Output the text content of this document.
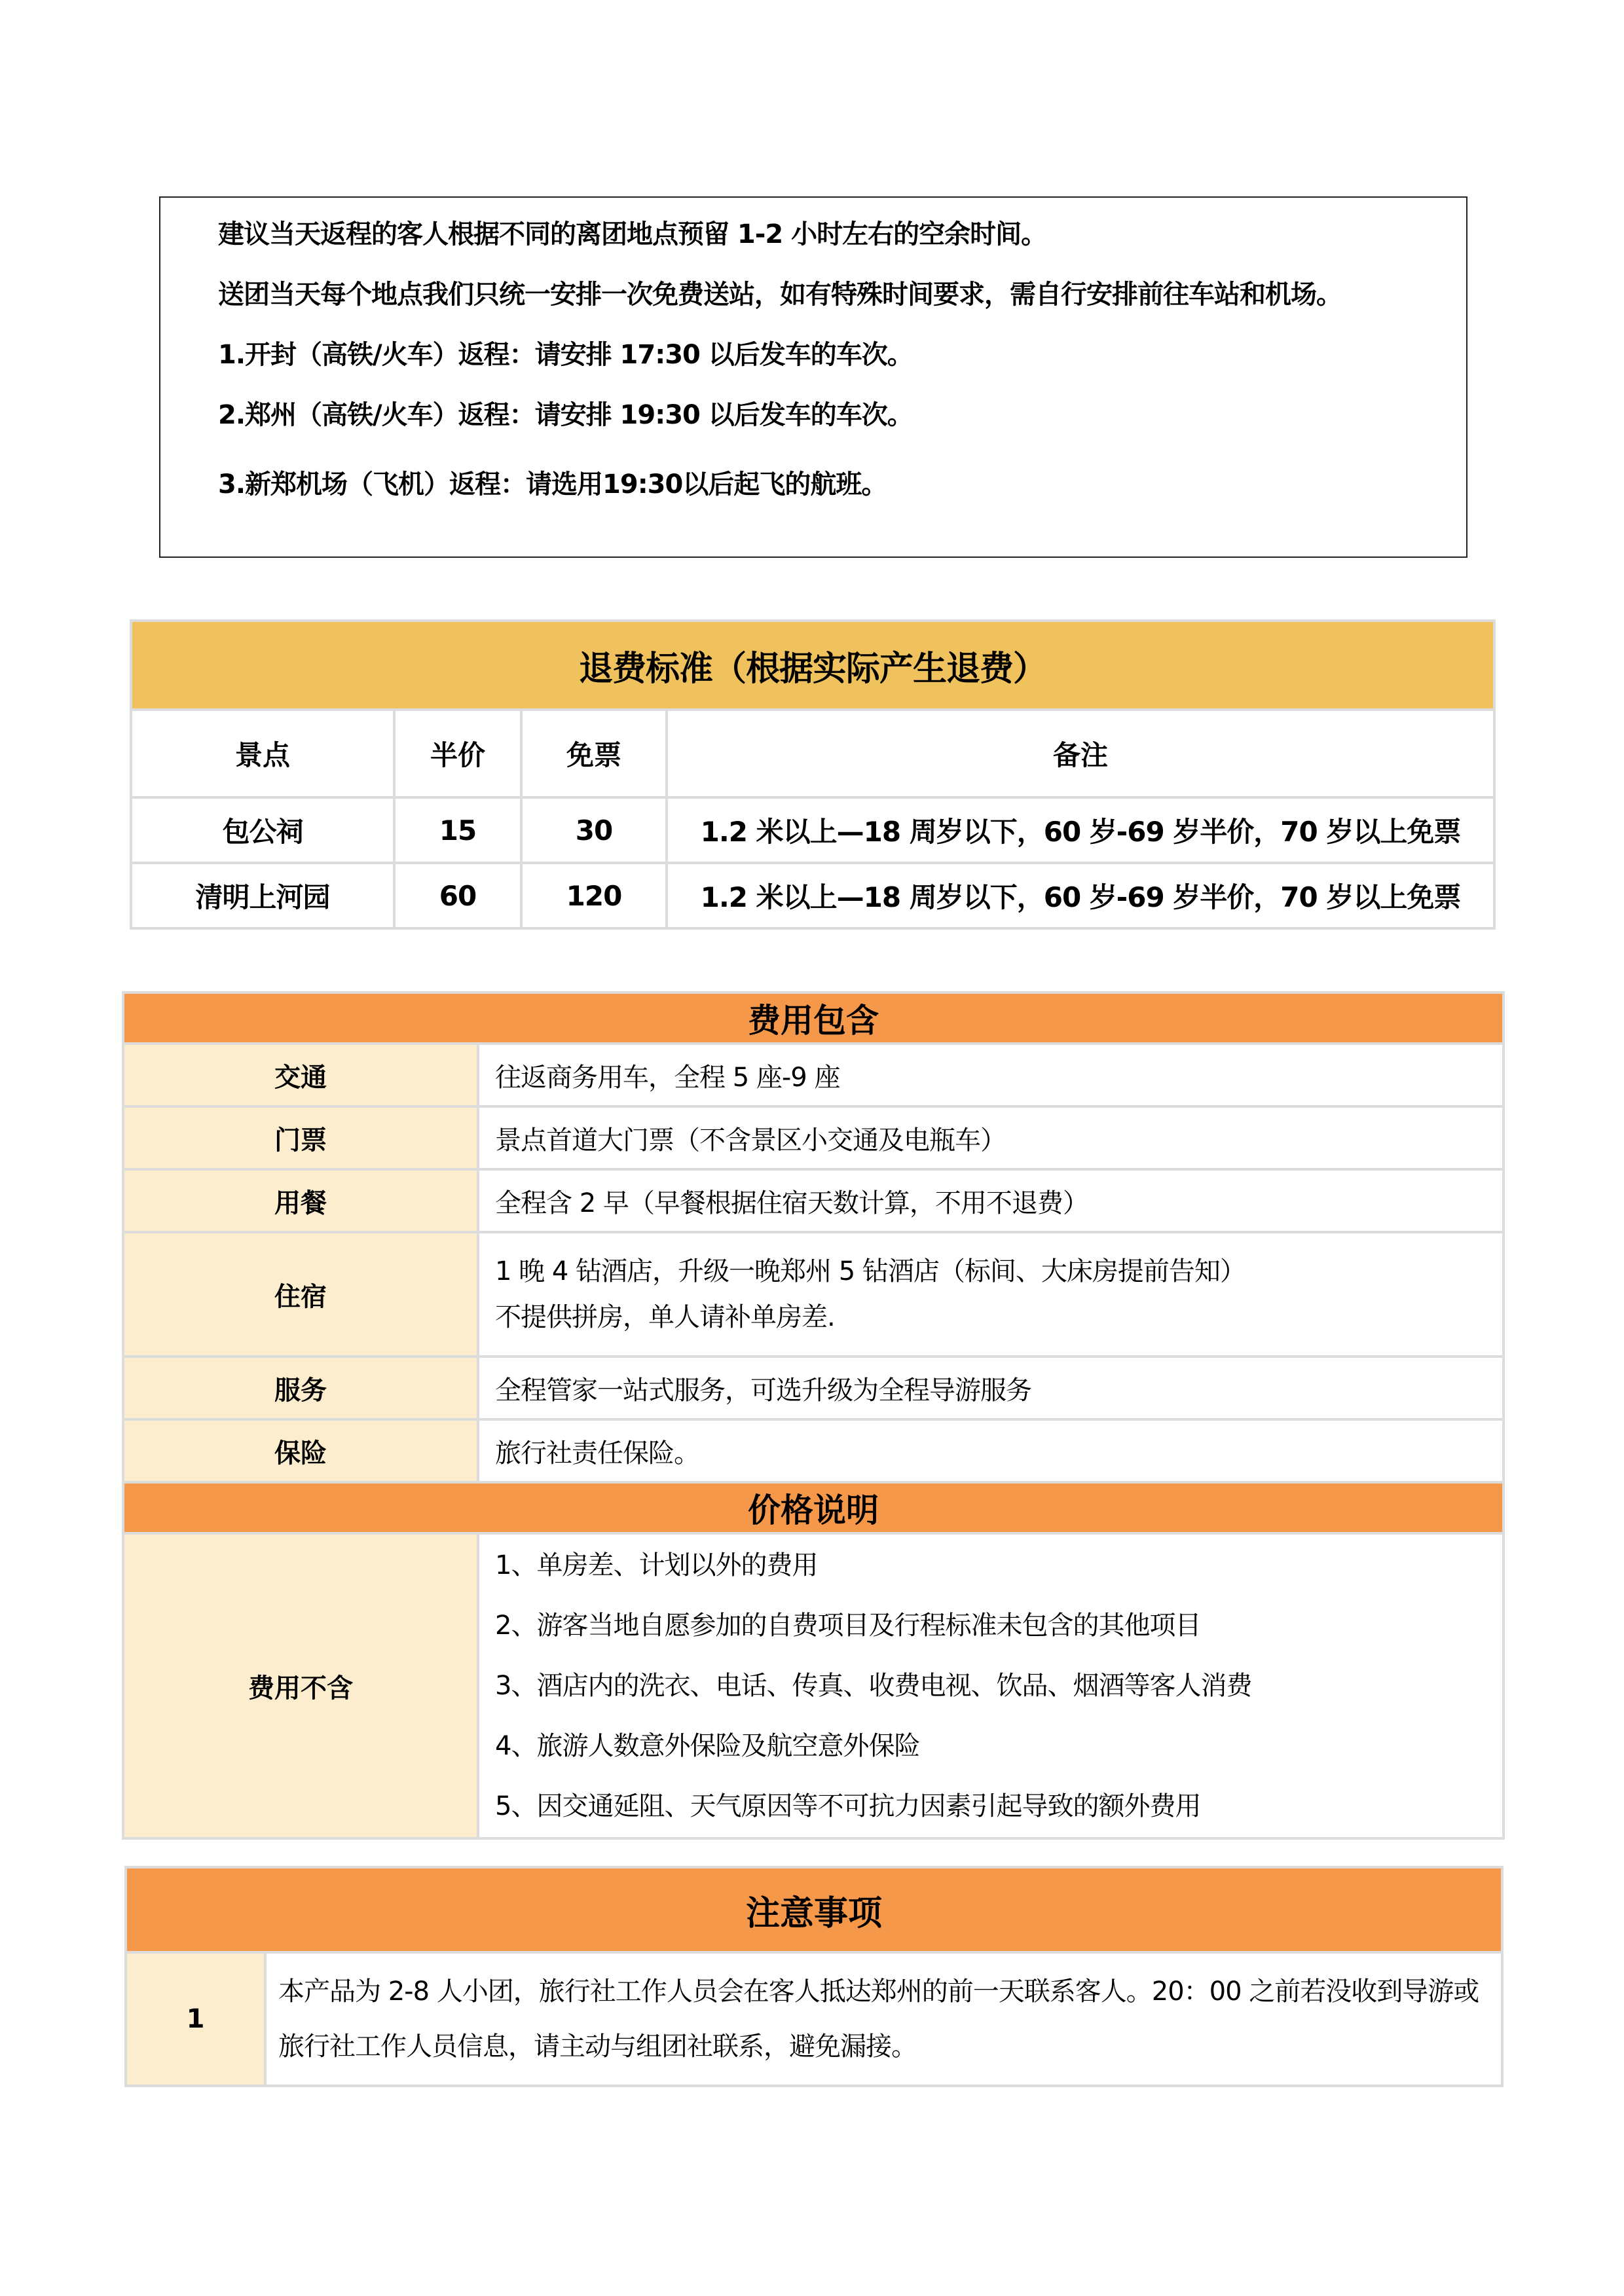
建议当天返程的客人根据不同的离团地点预留 1-2 小时左右的空余时间。
送团当天每个地点我们只统一安排一次免费送站，如有特殊时间要求，需自行安排前往车站和机场。
1.开封（高铁/火车）返程：请安排 17:30 以后发车的车次。
2.郑州（高铁/火车）返程：请安排 19:30 以后发车的车次。
3.新郑机场（飞机）返程：请选用19:30以后起飞的航班。
退费标准（根据实际产生退费）			
景点	半价	免票	备注
包公祠	15	30	1.2 米以上—18 周岁以下，60 岁-69 岁半价，70 岁以上免票
清明上河园	60	120	1.2 米以上—18 周岁以下，60 岁-69 岁半价，70 岁以上免票
费用包含	
交通	往返商务用车，全程 5 座-9 座
门票	景点首道大门票（不含景区小交通及电瓶车）
用餐	全程含 2 早（早餐根据住宿天数计算，不用不退费）
住宿	1 晚 4 钻酒店，升级一晚郑州 5 钻酒店（标间、大床房提前告知）
不提供拼房，单人请补单房差.

服务	全程管家一站式服务，可选升级为全程导游服务
保险	旅行社责任保险。
价格说明	
费用不含	1、单房差、计划以外的费用
2、游客当地自愿参加的自费项目及行程标准未包含的其他项目
3、酒店内的洗衣、电话、传真、收费电视、饮品、烟酒等客人消费
4、旅游人数意外保险及航空意外保险
5、因交通延阻、天气原因等不可抗力因素引起导致的额外费用
注意事项
1	本产品为 2-8 人小团，旅行社工作人员会在客人抵达郑州的前一天联系客人。20：00 之前若没收到导游或旅行社工作人员信息，请主动与组团社联系，避免漏接。
